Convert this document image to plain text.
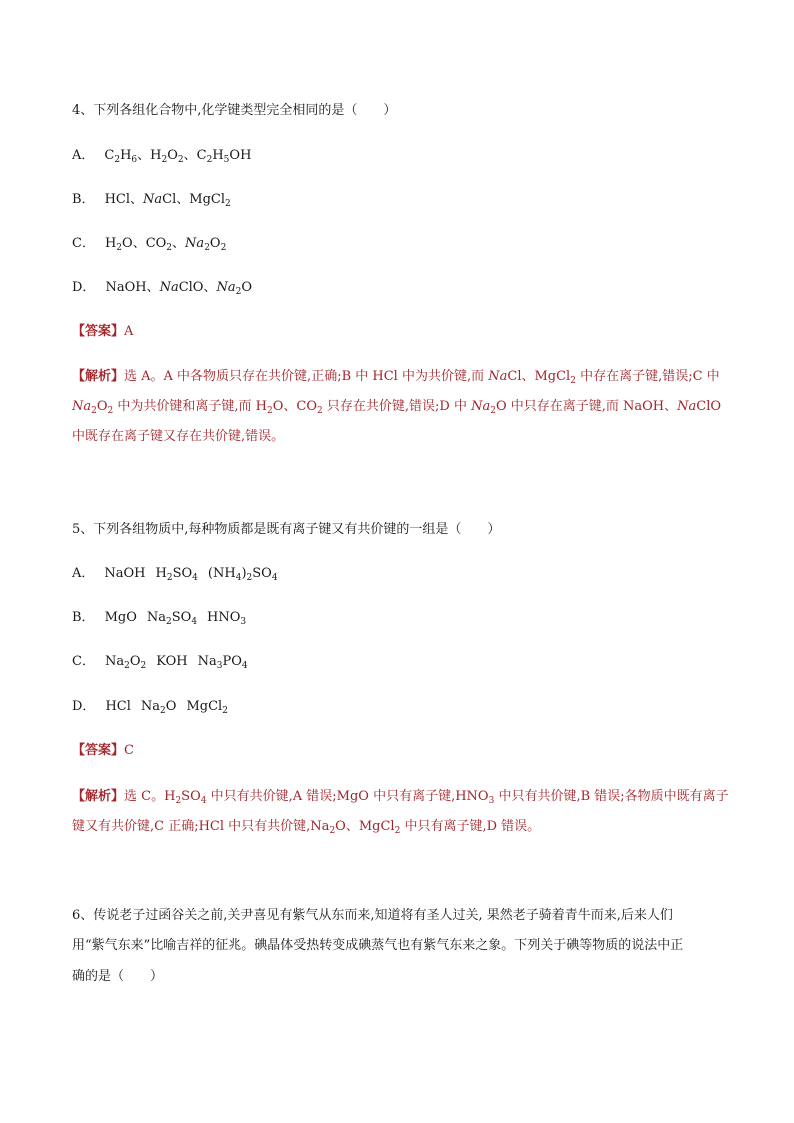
4、下列各组化合物中,化学键类型完全相同的是（　　）
A． $C_2H_6$、$H_2O_2$、$C_2H_5OH$
B． HCl、NaCl、MgCl$_2$
C． $H_2O$、$CO_2$、$Na_2O_2$
D． NaOH、NaClO、$Na_2O$
【答案】A
【解析】选 A。A 中各物质只存在共价键,正确;B 中 HCl 中为共价键,而 NaCl、MgCl$_2$ 中存在离子键,错误;C 中 $Na_2O_2$ 中为共价键和离子键,而 $H_2O$、$CO_2$ 只存在共价键,错误;D 中 $Na_2O$ 中只存在离子键,而 NaOH、NaClO 中既存在离子键又存在共价键,错误。
5、下列各组物质中,每种物质都是既有离子键又有共价键的一组是（　　）
A． NaOH $H_2SO_4$ $(NH_4)_2SO_4$
B． MgO $Na_2SO_4$ $HNO_3$
C． $Na_2O_2$ KOH $Na_3PO_4$
D． HCl $Na_2O$ MgCl$_2$
【答案】C
【解析】选 C。$H_2SO_4$ 中只有共价键,A 错误;MgO 中只有离子键$,HNO_3$ 中只有共价键,B 错误;各物质中既有离子键又有共价键,C 正确;HCl 中只有共价键$,Na_2O$、MgCl$_2$ 中只有离子键,D 错误。
6、传说老子过函谷关之前,关尹喜见有紫气从东而来,知道将有圣人过关, 果然老子骑着青牛而来,后来人们
用“紫气东来”比喻吉祥的征兆。碘晶体受热转变成碘蒸气也有紫气东来之象。下列关于碘等物质的说法中正
确的是（　　）
